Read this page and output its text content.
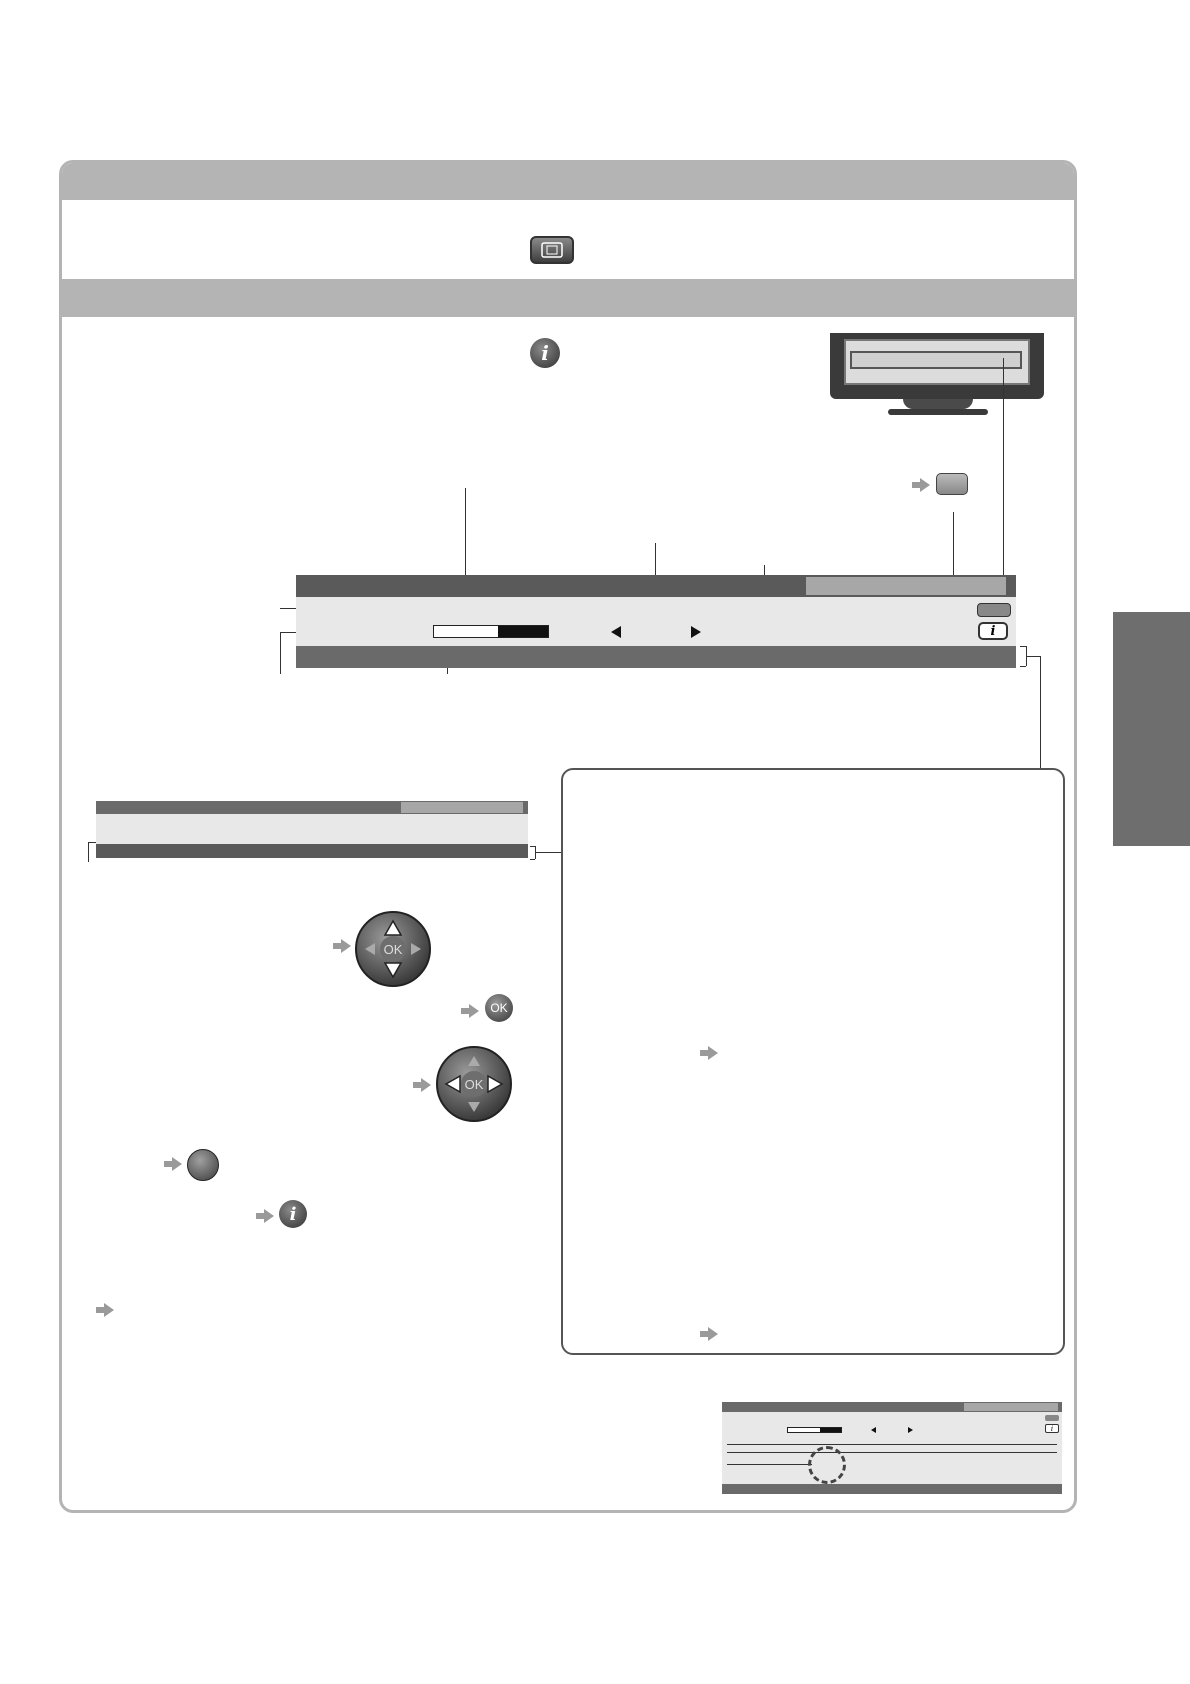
i
i
OK
OK
OK
i
i
